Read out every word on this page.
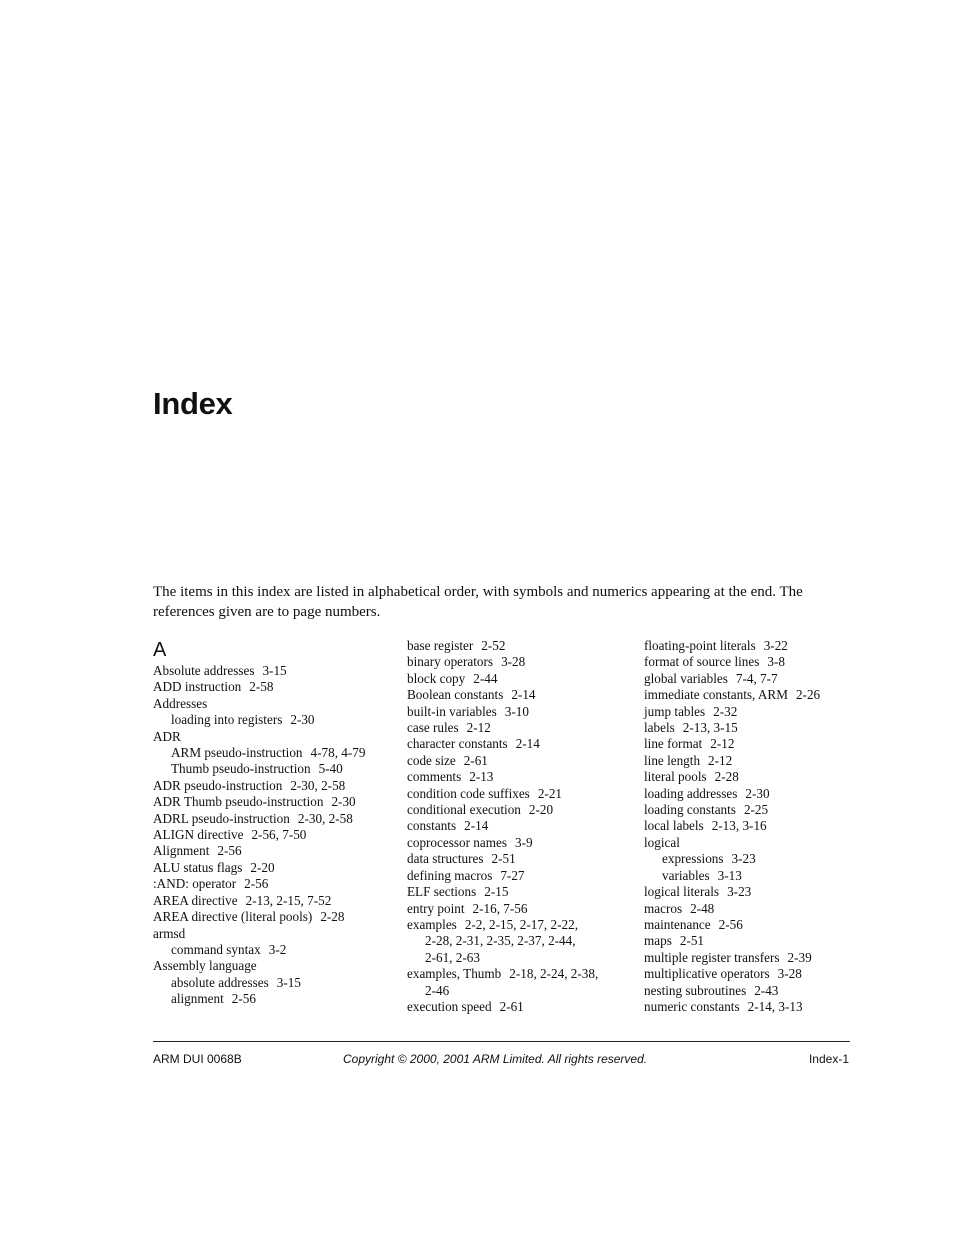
Index

The items in this index are listed in alphabetical order, with symbols and numerics appearing at the end. The references given are to page numbers.

A
Absolute addresses 3-15
ADD instruction 2-58
Addresses
loading into registers 2-30
ADR
ARM pseudo-instruction 4-78, 4-79
Thumb pseudo-instruction 5-40
ADR pseudo-instruction 2-30, 2-58
ADR Thumb pseudo-instruction 2-30
ADRL pseudo-instruction 2-30, 2-58
ALIGN directive 2-56, 7-50
Alignment 2-56
ALU status flags 2-20
:AND: operator 2-56
AREA directive 2-13, 2-15, 7-52
AREA directive (literal pools) 2-28
armsd
command syntax 3-2
Assembly language
absolute addresses 3-15
alignment 2-56
base register 2-52
binary operators 3-28
block copy 2-44
Boolean constants 2-14
built-in variables 3-10
case rules 2-12
character constants 2-14
code size 2-61
comments 2-13
condition code suffixes 2-21
conditional execution 2-20
constants 2-14
coprocessor names 3-9
data structures 2-51
defining macros 7-27
ELF sections 2-15
entry point 2-16, 7-56
examples 2-2, 2-15, 2-17, 2-22,
2-28, 2-31, 2-35, 2-37, 2-44,
2-61, 2-63
examples, Thumb 2-18, 2-24, 2-38,
2-46
execution speed 2-61
floating-point literals 3-22
format of source lines 3-8
global variables 7-4, 7-7
immediate constants, ARM 2-26
jump tables 2-32
labels 2-13, 3-15
line format 2-12
line length 2-12
literal pools 2-28
loading addresses 2-30
loading constants 2-25
local labels 2-13, 3-16
logical
expressions 3-23
variables 3-13
logical literals 3-23
macros 2-48
maintenance 2-56
maps 2-51
multiple register transfers 2-39
multiplicative operators 3-28
nesting subroutines 2-43
numeric constants 2-14, 3-13
ARM DUI 0068B	Copyright © 2000, 2001 ARM Limited. All rights reserved.	Index-1
